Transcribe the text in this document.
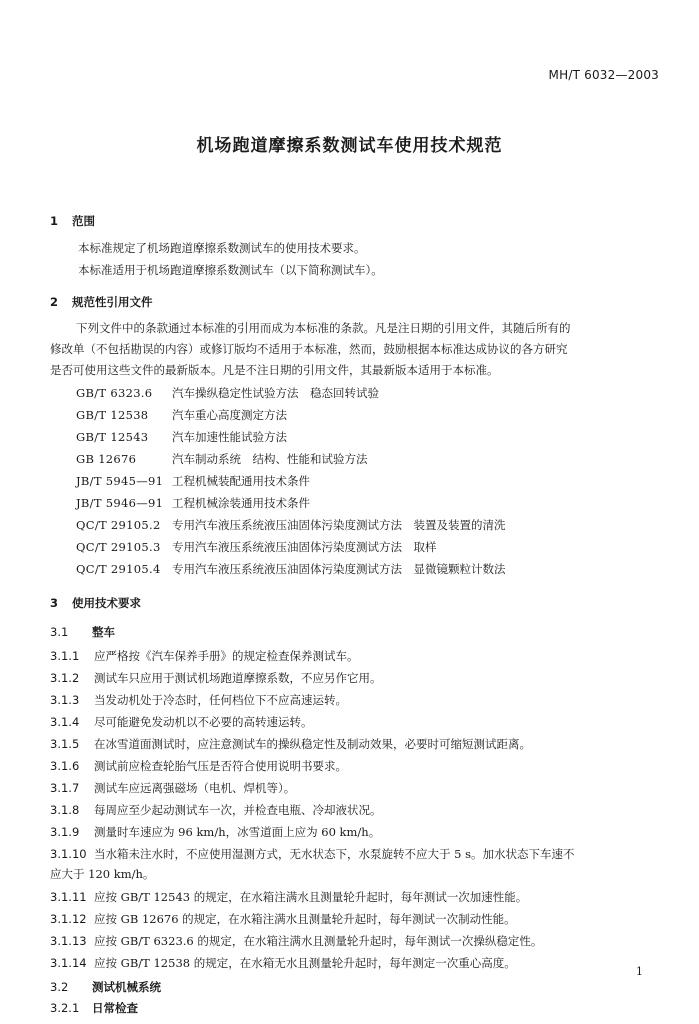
MH/T 6032—2003
机场跑道摩擦系数测试车使用技术规范
1 范围
本标准规定了机场跑道摩擦系数测试车的使用技术要求。
本标准适用于机场跑道摩擦系数测试车（以下简称测试车）。
2 规范性引用文件
下列文件中的条款通过本标准的引用而成为本标准的条款。凡是注日期的引用文件，其随后所有的
修改单（不包括勘误的内容）或修订版均不适用于本标准，然而，鼓励根据本标准达成协议的各方研究
是否可使用这些文件的最新版本。凡是不注日期的引用文件，其最新版本适用于本标准。
GB/T 6323.6 汽车操纵稳定性试验方法　稳态回转试验
GB/T 12538 汽车重心高度测定方法
GB/T 12543 汽车加速性能试验方法
GB 12676	汽车制动系统　结构、性能和试验方法
JB/T 5945—91 工程机械装配通用技术条件
JB/T 5946—91 工程机械涂装通用技术条件
QC/T 29105.2 专用汽车液压系统液压油固体污染度测试方法　装置及装置的清洗
QC/T 29105.3 专用汽车液压系统液压油固体污染度测试方法　取样
QC/T 29105.4 专用汽车液压系统液压油固体污染度测试方法　显微镜颗粒计数法
3 使用技术要求
3.1 整车
3.1.1 应严格按《汽车保养手册》的规定检查保养测试车。
3.1.2 测试车只应用于测试机场跑道摩擦系数，不应另作它用。
3.1.3 当发动机处于冷态时，任何档位下不应高速运转。
3.1.4 尽可能避免发动机以不必要的高转速运转。
3.1.5 在冰雪道面测试时，应注意测试车的操纵稳定性及制动效果，必要时可缩短测试距离。
3.1.6 测试前应检查轮胎气压是否符合使用说明书要求。
3.1.7 测试车应远离强磁场（电机、焊机等）。
3.1.8 每周应至少起动测试车一次，并检查电瓶、冷却液状况。
3.1.9 测量时车速应为 96 km/h，冰雪道面上应为 60 km/h。
3.1.10 当水箱未注水时，不应使用湿测方式，无水状态下，水泵旋转不应大于 5 s。加水状态下车速不
应大于 120 km/h。
3.1.11 应按 GB/T 12543 的规定，在水箱注满水且测量轮升起时，每年测试一次加速性能。
3.1.12 应按 GB 12676 的规定，在水箱注满水且测量轮升起时，每年测试一次制动性能。
3.1.13 应按 GB/T 6323.6 的规定，在水箱注满水且测量轮升起时，每年测试一次操纵稳定性。
3.1.14 应按 GB/T 12538 的规定，在水箱无水且测量轮升起时，每年测定一次重心高度。
3.2 测试机械系统
3.2.1 日常检查
1
